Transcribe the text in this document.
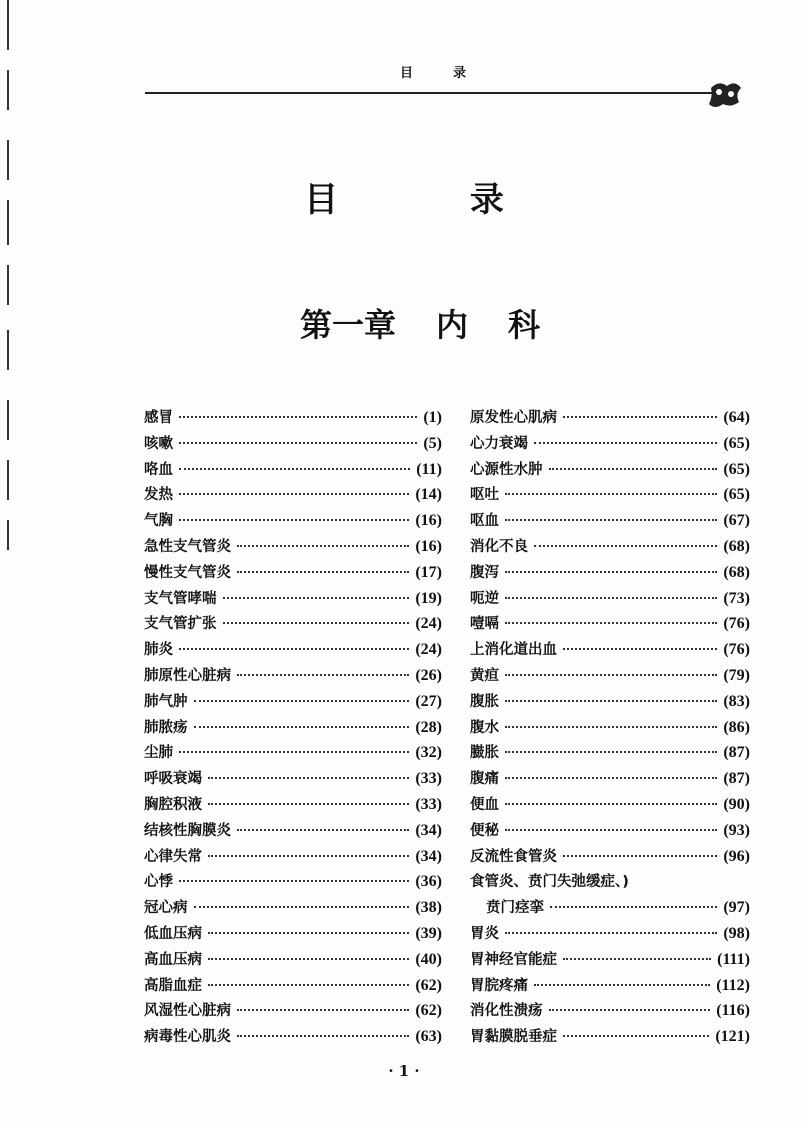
目录
目 录
第一章 内 科
感冒	(1)
咳嗽	(5)
咯血	(11)
发热	(14)
气胸	(16)
急性支气管炎	(16)
慢性支气管炎	(17)
支气管哮喘	(19)
支气管扩张	(24)
肺炎	(24)
肺原性心脏病	(26)
肺气肿	(27)
肺脓疡	(28)
尘肺	(32)
呼吸衰竭	(33)
胸腔积液	(33)
结核性胸膜炎	(34)
心律失常	(34)
心悸	(36)
冠心病	(38)
低血压病	(39)
高血压病	(40)
高脂血症	(62)
风湿性心脏病	(62)
病毒性心肌炎	(63)
原发性心肌病	(64)
心力衰竭	(65)
心源性水肿	(65)
呕吐	(65)
呕血	(67)
消化不良	(68)
腹泻	(68)
呃逆	(73)
噎嗝	(76)
上消化道出血	(76)
黄疸	(79)
腹胀	(83)
腹水	(86)
臌胀	(87)
腹痛	(87)
便血	(90)
便秘	(93)
反流性食管炎	(96)
食管炎、贲门失弛缓症、)
贲门痉挛	(97)
胃炎	(98)
胃神经官能症	(111)
胃脘疼痛	(112)
消化性溃疡	(116)
胃黏膜脱垂症	(121)
· 1 ·
